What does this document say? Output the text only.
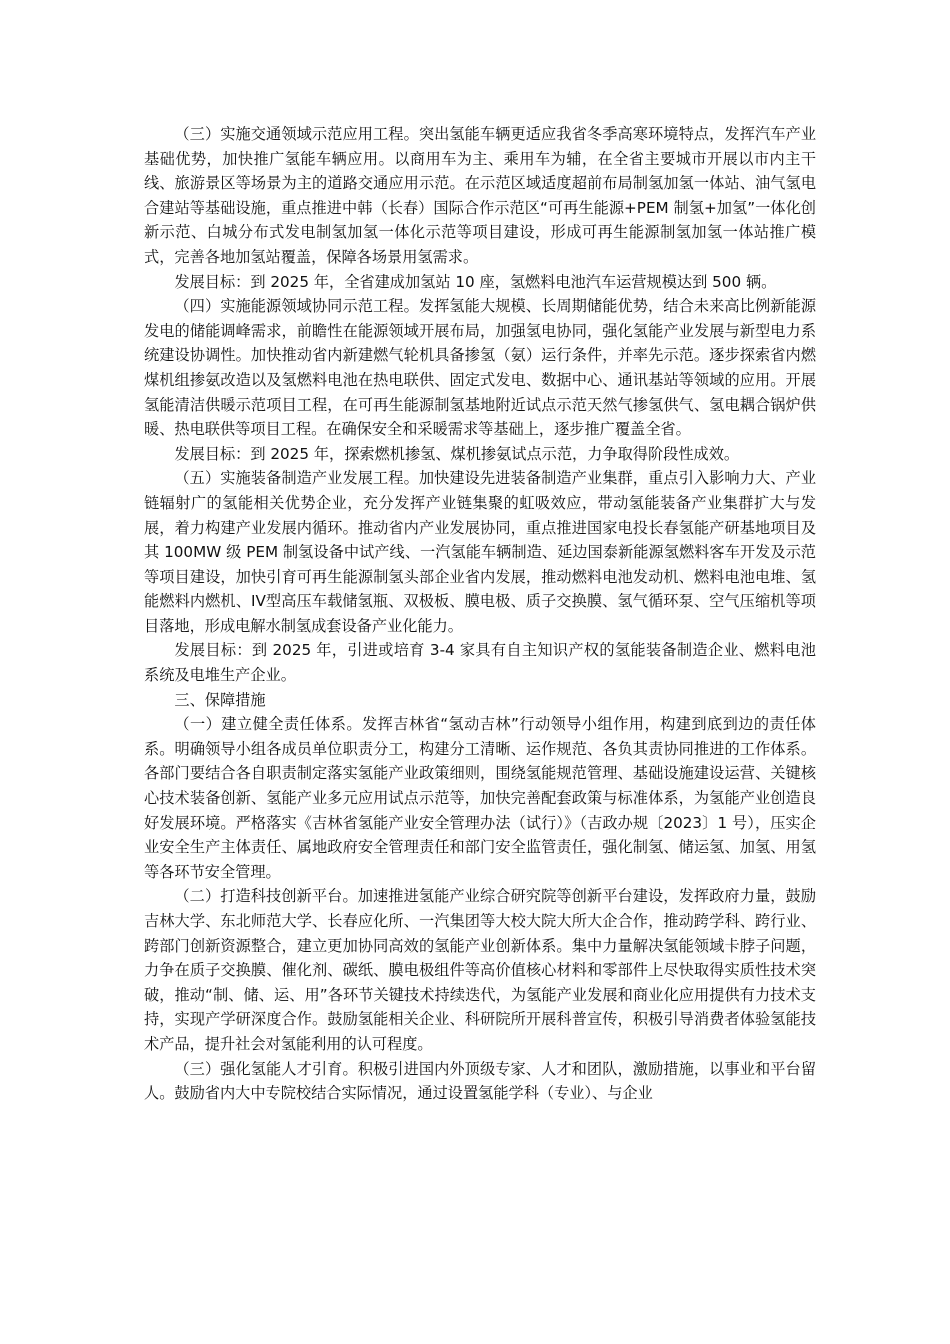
（三）实施交通领域示范应用工程。突出氢能车辆更适应我省冬季高寒环境特点，发挥汽车产业基础优势，加快推广氢能车辆应用。以商用车为主、乘用车为辅，在全省主要城市开展以市内主干线、旅游景区等场景为主的道路交通应用示范。在示范区域适度超前布局制氢加氢一体站、油气氢电合建站等基础设施，重点推进中韩（长春）国际合作示范区“可再生能源+PEM 制氢+加氢”一体化创新示范、白城分布式发电制氢加氢一体化示范等项目建设，形成可再生能源制氢加氢一体站推广模式，完善各地加氢站覆盖，保障各场景用氢需求。

发展目标：到 2025 年，全省建成加氢站 10 座，氢燃料电池汽车运营规模达到 500 辆。

（四）实施能源领域协同示范工程。发挥氢能大规模、长周期储能优势，结合未来高比例新能源发电的储能调峰需求，前瞻性在能源领域开展布局，加强氢电协同，强化氢能产业发展与新型电力系统建设协调性。加快推动省内新建燃气轮机具备掺氢（氨）运行条件，并率先示范。逐步探索省内燃煤机组掺氨改造以及氢燃料电池在热电联供、固定式发电、数据中心、通讯基站等领域的应用。开展氢能清洁供暖示范项目工程，在可再生能源制氢基地附近试点示范天然气掺氢供气、氢电耦合锅炉供暖、热电联供等项目工程。在确保安全和采暖需求等基础上，逐步推广覆盖全省。

发展目标：到 2025 年，探索燃机掺氢、煤机掺氨试点示范，力争取得阶段性成效。

（五）实施装备制造产业发展工程。加快建设先进装备制造产业集群，重点引入影响力大、产业链辐射广的氢能相关优势企业，充分发挥产业链集聚的虹吸效应，带动氢能装备产业集群扩大与发展，着力构建产业发展内循环。推动省内产业发展协同，重点推进国家电投长春氢能产研基地项目及其 100MW 级 PEM 制氢设备中试产线、一汽氢能车辆制造、延边国泰新能源氢燃料客车开发及示范等项目建设，加快引育可再生能源制氢头部企业省内发展，推动燃料电池发动机、燃料电池电堆、氢能燃料内燃机、IV型高压车载储氢瓶、双极板、膜电极、质子交换膜、氢气循环泵、空气压缩机等项目落地，形成电解水制氢成套设备产业化能力。

发展目标：到 2025 年，引进或培育 3-4 家具有自主知识产权的氢能装备制造企业、燃料电池系统及电堆生产企业。

三、保障措施

（一）建立健全责任体系。发挥吉林省“氢动吉林”行动领导小组作用，构建到底到边的责任体系。明确领导小组各成员单位职责分工，构建分工清晰、运作规范、各负其责协同推进的工作体系。各部门要结合各自职责制定落实氢能产业政策细则，围绕氢能规范管理、基础设施建设运营、关键核心技术装备创新、氢能产业多元应用试点示范等，加快完善配套政策与标准体系，为氢能产业创造良好发展环境。严格落实《吉林省氢能产业安全管理办法（试行）》（吉政办规〔2023〕1 号），压实企业安全生产主体责任、属地政府安全管理责任和部门安全监管责任，强化制氢、储运氢、加氢、用氢等各环节安全管理。

（二）打造科技创新平台。加速推进氢能产业综合研究院等创新平台建设，发挥政府力量，鼓励吉林大学、东北师范大学、长春应化所、一汽集团等大校大院大所大企合作，推动跨学科、跨行业、跨部门创新资源整合，建立更加协同高效的氢能产业创新体系。集中力量解决氢能领域卡脖子问题，力争在质子交换膜、催化剂、碳纸、膜电极组件等高价值核心材料和零部件上尽快取得实质性技术突破，推动“制、储、运、用”各环节关键技术持续迭代，为氢能产业发展和商业化应用提供有力技术支持，实现产学研深度合作。鼓励氢能相关企业、科研院所开展科普宣传，积极引导消费者体验氢能技术产品，提升社会对氢能利用的认可程度。

（三）强化氢能人才引育。积极引进国内外顶级专家、人才和团队，激励措施，以事业和平台留人。鼓励省内大中专院校结合实际情况，通过设置氢能学科（专业）、与企业
